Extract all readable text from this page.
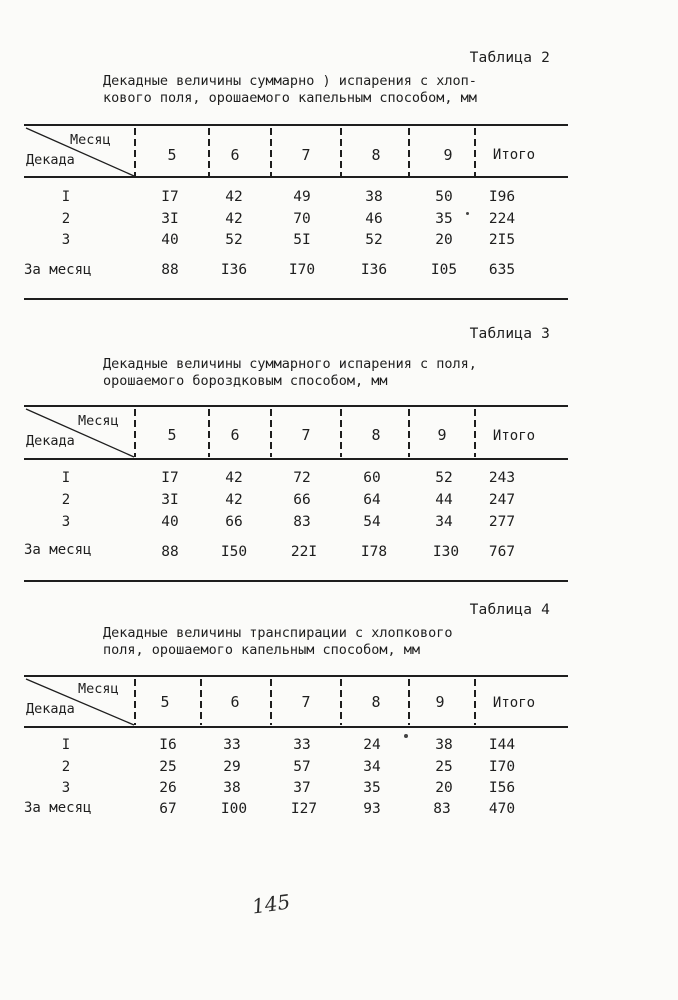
Таблица 2
Декадные величины суммарно ) испарения с хлоп-
кового поля, орошаемого капельным способом, мм
Месяц
Декада	5	6	7	8	9	Итого
I	I7	42	49	38	50	I96
2	3I	42	70	46	35	224
3	40	52	5I	52	20	2I5
За месяц	88	I36	I70	I36	I05	635
Таблица 3
Декадные величины суммарного испарения с поля,
орошаемого бороздковым способом, мм
Месяц
Декада	5	6	7	8	9	Итого
I	I7	42	72	60	52	243
2	3I	42	66	64	44	247
3	40	66	83	54	34	277
За месяц	88	I50	22I	I78	I30	767
Таблица 4
Декадные величины транспирации с хлопкового
поля, орошаемого капельным способом, мм
Месяц
Декада	5	6	7	8	9	Итого
I	I6	33	33	24	38	I44
2	25	29	57	34	25	I70
3	26	38	37	35	20	I56
За месяц	67	I00	I27	93	83	470
145
